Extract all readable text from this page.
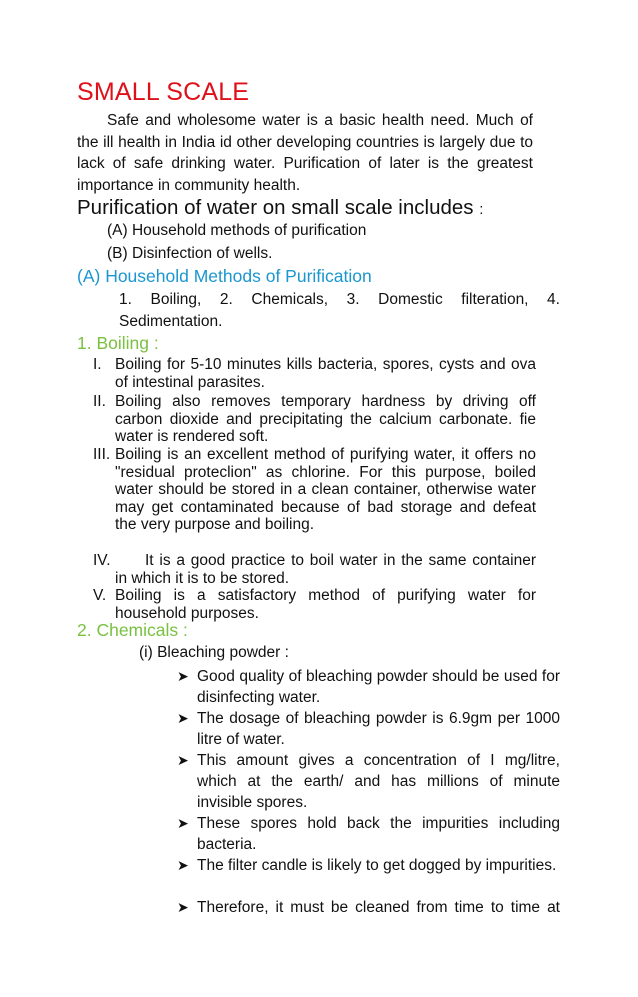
SMALL SCALE
Safe and wholesome water is a basic health need. Much of the ill health in India id other developing countries is largely due to lack of safe drinking water. Purification of later is the greatest importance in community health.
Purification of water on small scale includes :
(A) Household methods of purification
(B) Disinfection of wells.
(A) Household Methods of Purification
1. Boiling, 2. Chemicals, 3. Domestic filteration, 4. Sedimentation.
1. Boiling :
I. Boiling for 5-10 minutes kills bacteria, spores, cysts and ova of intestinal parasites.
II. Boiling also removes temporary hardness by driving off carbon dioxide and precipitating the calcium carbonate. fie water is rendered soft.
III. Boiling is an excellent method of purifying water, it offers no "residual proteclion" as chlorine. For this purpose, boiled water should be stored in a clean container, otherwise water may get contaminated because of bad storage and defeat the very purpose and boiling.
IV.	It is a good practice to boil water in the same container in which it is to be stored.
V. Boiling is a satisfactory method of purifying water for household purposes.
2. Chemicals :
(i) Bleaching powder :
➤ Good quality of bleaching powder should be used for disinfecting water.
➤ The dosage of bleaching powder is 6.9gm per 1000 litre of water.
➤ This amount gives a concentration of I mg/litre, which at the earth/ and has millions of minute invisible spores.
➤ These spores hold back the impurities including bacteria.
➤ The filter candle is likely to get dogged by impurities.
➤ Therefore, it must be cleaned from time to time at
